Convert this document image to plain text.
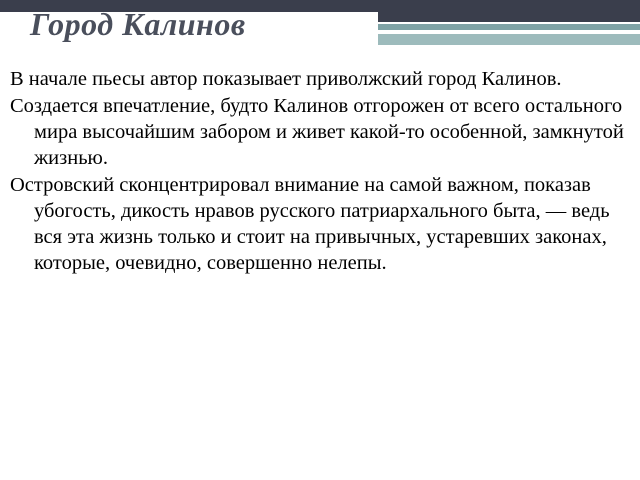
Город Калинов
В начале пьесы автор показывает приволжский город Калинов.
Создается впечатление, будто Калинов отгорожен от всего остального мира высочайшим забором и живет какой-то особенной, замкнутой жизнью.
Островский сконцентрировал внимание на самой важном, показав убогость, дикость нравов русского патриархального быта, — ведь вся эта жизнь только и стоит на привычных, устаревших законах, которые, очевидно, совершенно нелепы.
